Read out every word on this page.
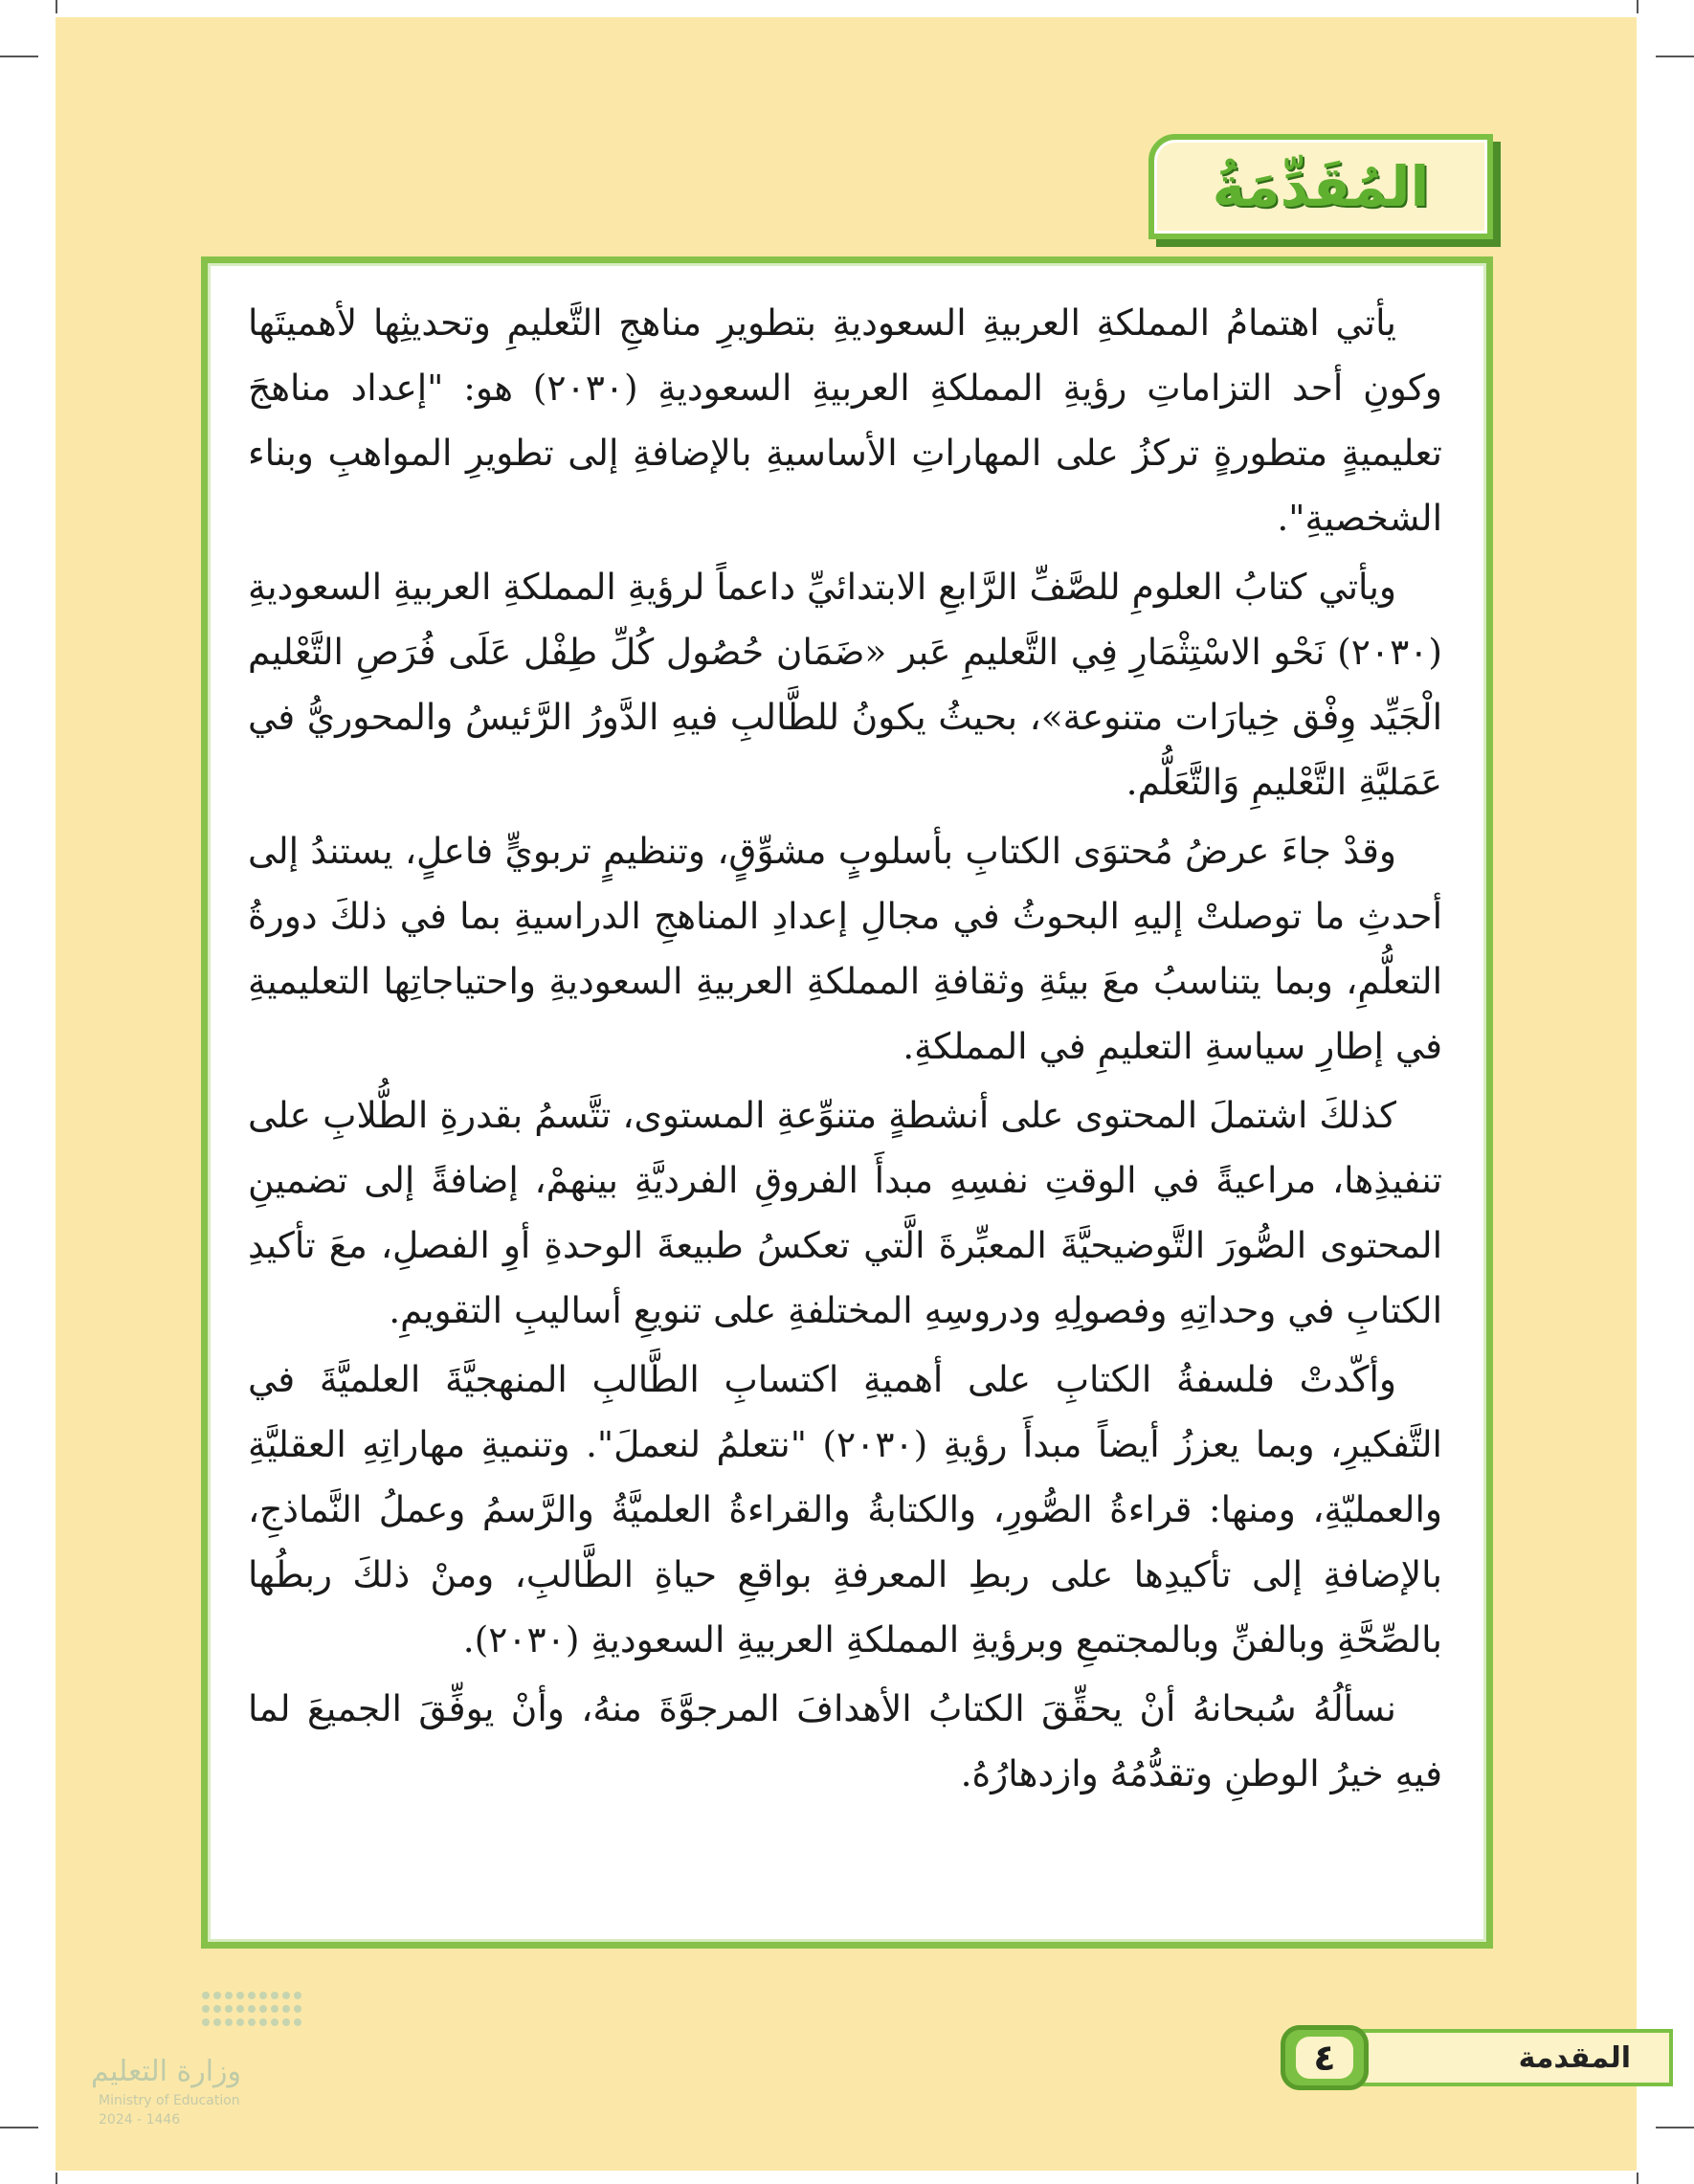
المُقَدِّمَةُ

يأتي اهتمامُ المملكةِ العربيةِ السعوديةِ بتطويرِ مناهجِ التَّعليمِ وتحديثِها لأهميتَها وكونِ أحد التزاماتِ رؤيةِ المملكةِ العربيةِ السعوديةِ (٢٠٣٠) هو: "إعداد مناهجَ تعليميةٍ متطورةٍ تركزُ على المهاراتِ الأساسيةِ بالإضافةِ إلى تطويرِ المواهبِ وبناء الشخصيةِ".

ويأتي كتابُ العلومِ للصَّفِّ الرَّابعِ الابتدائيِّ داعماً لرؤيةِ المملكةِ العربيةِ السعوديةِ (٢٠٣٠) نَحْو الاسْتِثْمَارِ فِي التَّعليمِ عَبر «ضَمَان حُصُول كُلِّ طِفْل عَلَى فُرَصِ التَّعْليم الْجَيِّد وِفْق خِيارَات متنوعة»، بحيثُ يكونُ للطَّالبِ فيهِ الدَّورُ الرَّئيسُ والمحوريُّ في عَمَليَّةِ التَّعْليمِ وَالتَّعَلُّم.

وقدْ جاءَ عرضُ مُحتوَى الكتابِ بأسلوبٍ مشوِّقٍ، وتنظيمٍ تربويٍّ فاعلٍ، يستندُ إلى أحدثِ ما توصلتْ إليهِ البحوثُ في مجالِ إعدادِ المناهجِ الدراسيةِ بما في ذلكَ دورةُ التعلُّمِ، وبما يتناسبُ معَ بيئةِ وثقافةِ المملكةِ العربيةِ السعوديةِ واحتياجاتِها التعليميةِ في إطارِ سياسةِ التعليمِ في المملكةِ.

كذلكَ اشتملَ المحتوى على أنشطةٍ متنوِّعةِ المستوى، تتَّسمُ بقدرةِ الطُّلابِ على تنفيذِها، مراعيةً في الوقتِ نفسِهِ مبدأَ الفروقِ الفرديَّةِ بينهمْ، إضافةً إلى تضمينِ المحتوى الصُّورَ التَّوضيحيَّةَ المعبِّرةَ الَّتي تعكسُ طبيعةَ الوحدةِ أوِ الفصلِ، معَ تأكيدِ الكتابِ في وحداتِهِ وفصولِهِ ودروسِهِ المختلفةِ على تنويعِ أساليبِ التقويمِ.

وأكّدتْ فلسفةُ الكتابِ على أهميةِ اكتسابِ الطَّالبِ المنهجيَّةَ العلميَّةَ في التَّفكيرِ، وبما يعززُ أيضاً مبدأَ رؤيةِ (٢٠٣٠) "نتعلمُ لنعملَ". وتنميةِ مهاراتِهِ العقليَّةِ والعمليّةِ، ومنها: قراءةُ الصُّورِ، والكتابةُ والقراءةُ العلميَّةُ والرَّسمُ وعملُ النَّماذجِ، بالإضافةِ إلى تأكيدِها على ربطِ المعرفةِ بواقعِ حياةِ الطَّالبِ، ومنْ ذلكَ ربطُها بالصِّحَّةِ وبالفنِّ وبالمجتمعِ وبرؤيةِ المملكةِ العربيةِ السعوديةِ (٢٠٣٠).

نسألُهُ سُبحانهُ أنْ يحقِّقَ الكتابُ الأهدافَ المرجوَّةَ منهُ، وأنْ يوفِّقَ الجميعَ لما فيهِ خيرُ الوطنِ وتقدُّمُهُ وازدهارُهُ.

المقدمة
٤
وزارة التعليم
Ministry of Education
2024 - 1446
